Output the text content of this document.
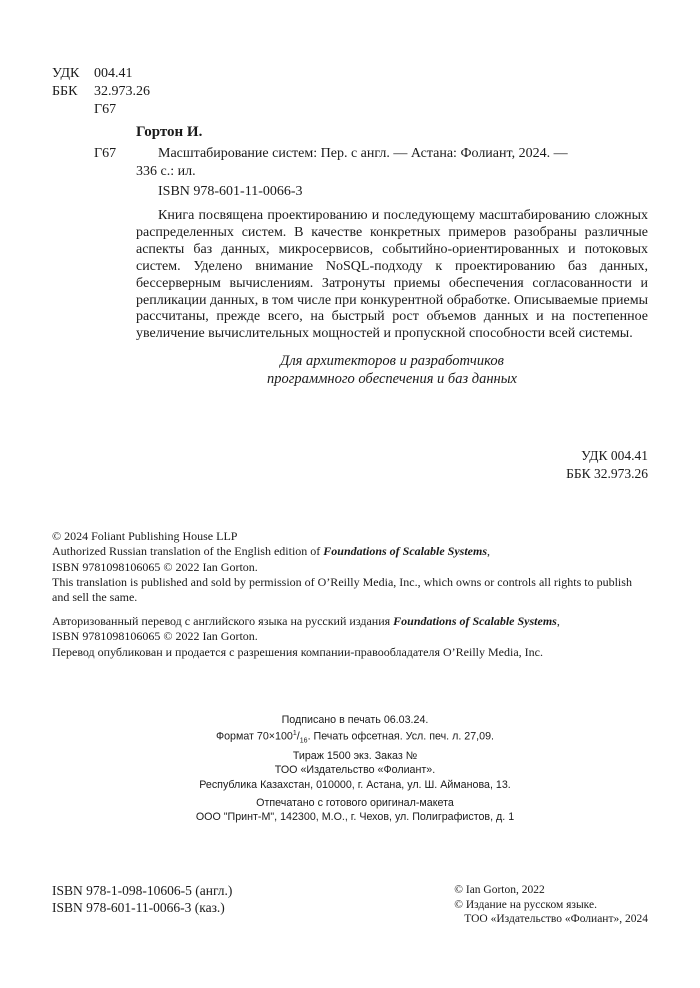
УДК 004.41
ББК 32.973.26
Г67
Гортон И.
Г67	Масштабирование систем: Пер. с англ. — Астана: Фолиант, 2024. —
336 с.: ил.
ISBN 978-601-11-0066-3
Книга посвящена проектированию и последующему масштабированию сложных распределенных систем. В качестве конкретных примеров разобраны различные аспекты баз данных, микросервисов, событийно-ориентированных и потоковых систем. Уделено внимание NoSQL-подходу к проектированию баз данных, бессерверным вычислениям. Затронуты приемы обеспечения согласованности и репликации данных, в том числе при конкурентной обработке. Описываемые приемы рассчитаны, прежде всего, на быстрый рост объемов данных и на постепенное увеличение вычислительных мощностей и пропускной способности всей системы.
Для архитекторов и разработчиков
программного обеспечения и баз данных
УДК 004.41
ББК 32.973.26
© 2024 Foliant Publishing House LLP
Authorized Russian translation of the English edition of Foundations of Scalable Systems,
ISBN 9781098106065 © 2022 Ian Gorton.
This translation is published and sold by permission of O’Reilly Media, Inc., which owns or controls all rights to publish
and sell the same.
Авторизованный перевод с английского языка на русский издания Foundations of Scalable Systems,
ISBN 9781098106065 © 2022 Ian Gorton.
Перевод опубликован и продается с разрешения компании-правообладателя O’Reilly Media, Inc.
Подписано в печать 06.03.24.
Формат $70\times 100^1/_{16}$. Печать офсетная. Усл. печ. л. 27,09.
Тираж 1500 экз. Заказ №
ТОО «Издательство «Фолиант».
Республика Казахстан, 010000, г. Астана, ул. Ш. Айманова, 13.
Отпечатано с готового оригинал-макета
ООО "Принт-М", 142300, М.О., г. Чехов, ул. Полиграфистов, д. 1
ISBN 978-1-098-10606-5 (англ.)
ISBN 978-601-11-0066-3 (каз.)
© Ian Gorton, 2022
© Издание на русском языке.
ТОО «Издательство «Фолиант», 2024
